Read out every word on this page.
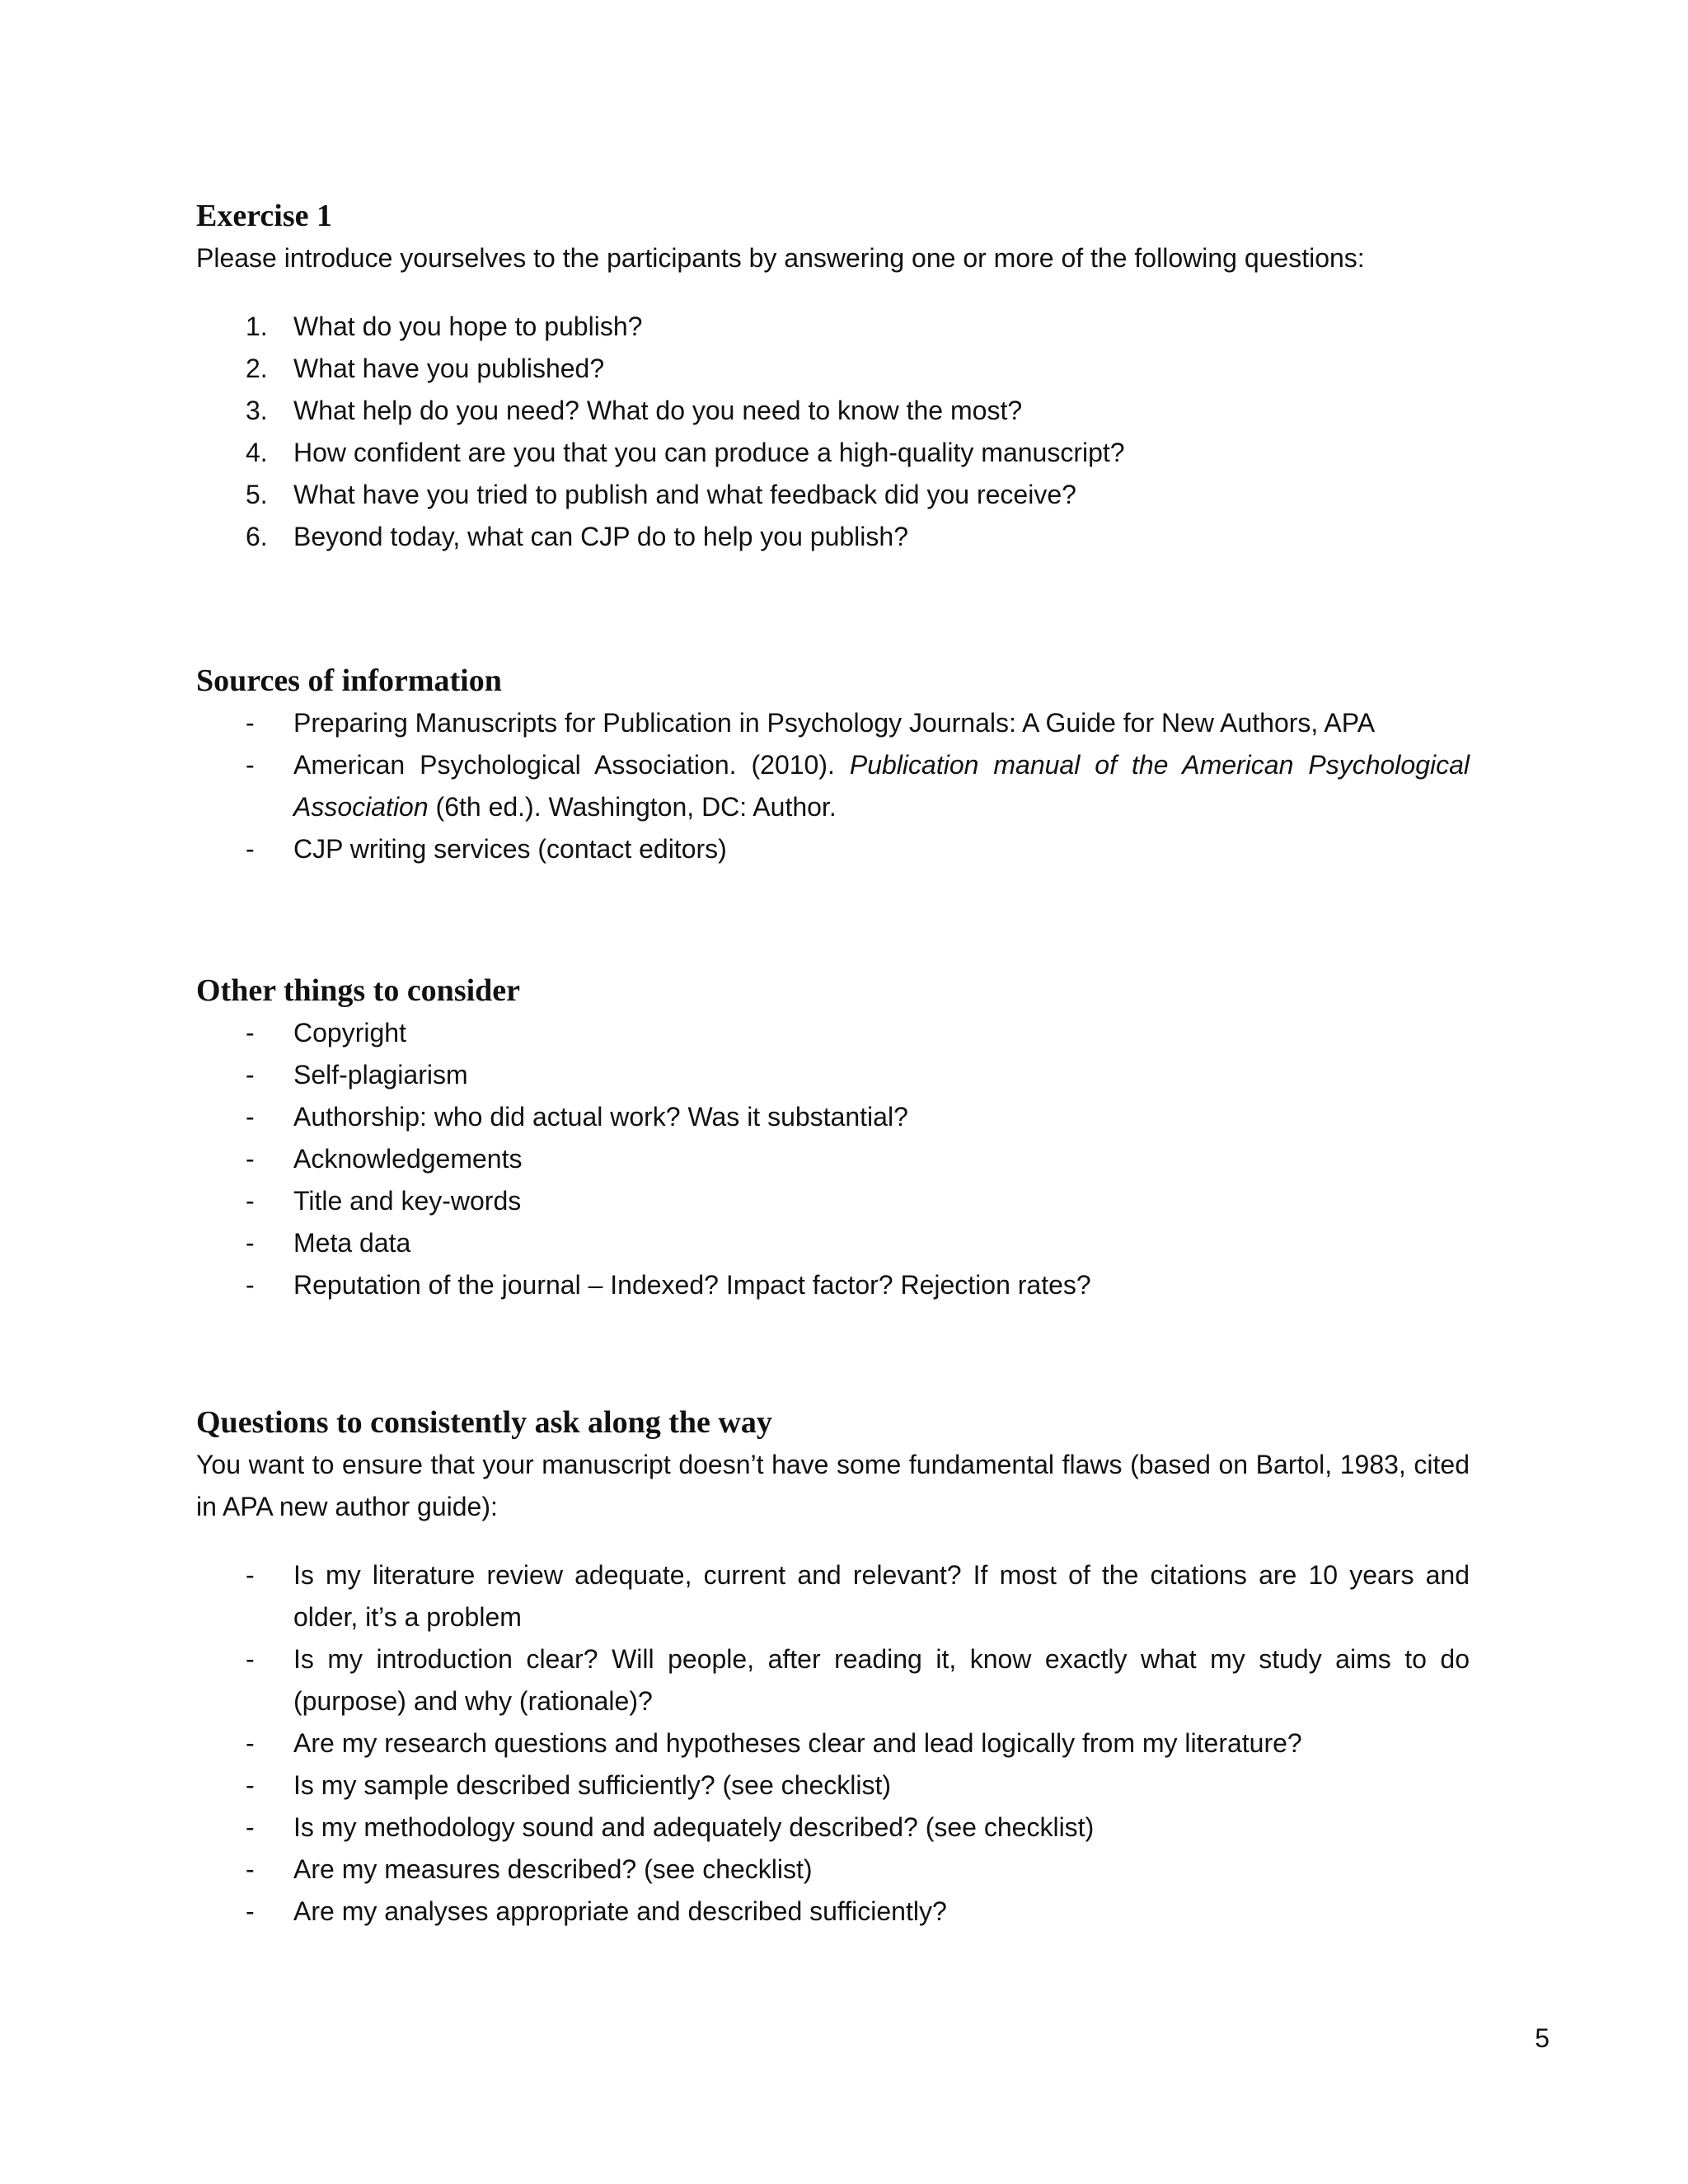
Exercise 1

Please introduce yourselves to the participants by answering one or more of the following questions:

1. What do you hope to publish?
2. What have you published?
3. What help do you need? What do you need to know the most?
4. How confident are you that you can produce a high-quality manuscript?
5. What have you tried to publish and what feedback did you receive?
6. Beyond today, what can CJP do to help you publish?
Sources of information
-	Preparing Manuscripts for Publication in Psychology Journals: A Guide for New Authors, APA
-	American Psychological Association. (2010). Publication manual of the American Psychological Association (6th ed.). Washington, DC: Author.
-	CJP writing services (contact editors)
Other things to consider
-	Copyright
-	Self-plagiarism
-	Authorship: who did actual work? Was it substantial?
-	Acknowledgements
-	Title and key-words
-	Meta data
-	Reputation of the journal – Indexed? Impact factor? Rejection rates?
Questions to consistently ask along the way

You want to ensure that your manuscript doesn’t have some fundamental flaws (based on Bartol, 1983, cited in APA new author guide):

-	Is my literature review adequate, current and relevant? If most of the citations are 10 years and older, it’s a problem
-	Is my introduction clear? Will people, after reading it, know exactly what my study aims to do (purpose) and why (rationale)?
-	Are my research questions and hypotheses clear and lead logically from my literature?
-	Is my sample described sufficiently? (see checklist)
-	Is my methodology sound and adequately described? (see checklist)
-	Are my measures described? (see checklist)
-	Are my analyses appropriate and described sufficiently?
5
